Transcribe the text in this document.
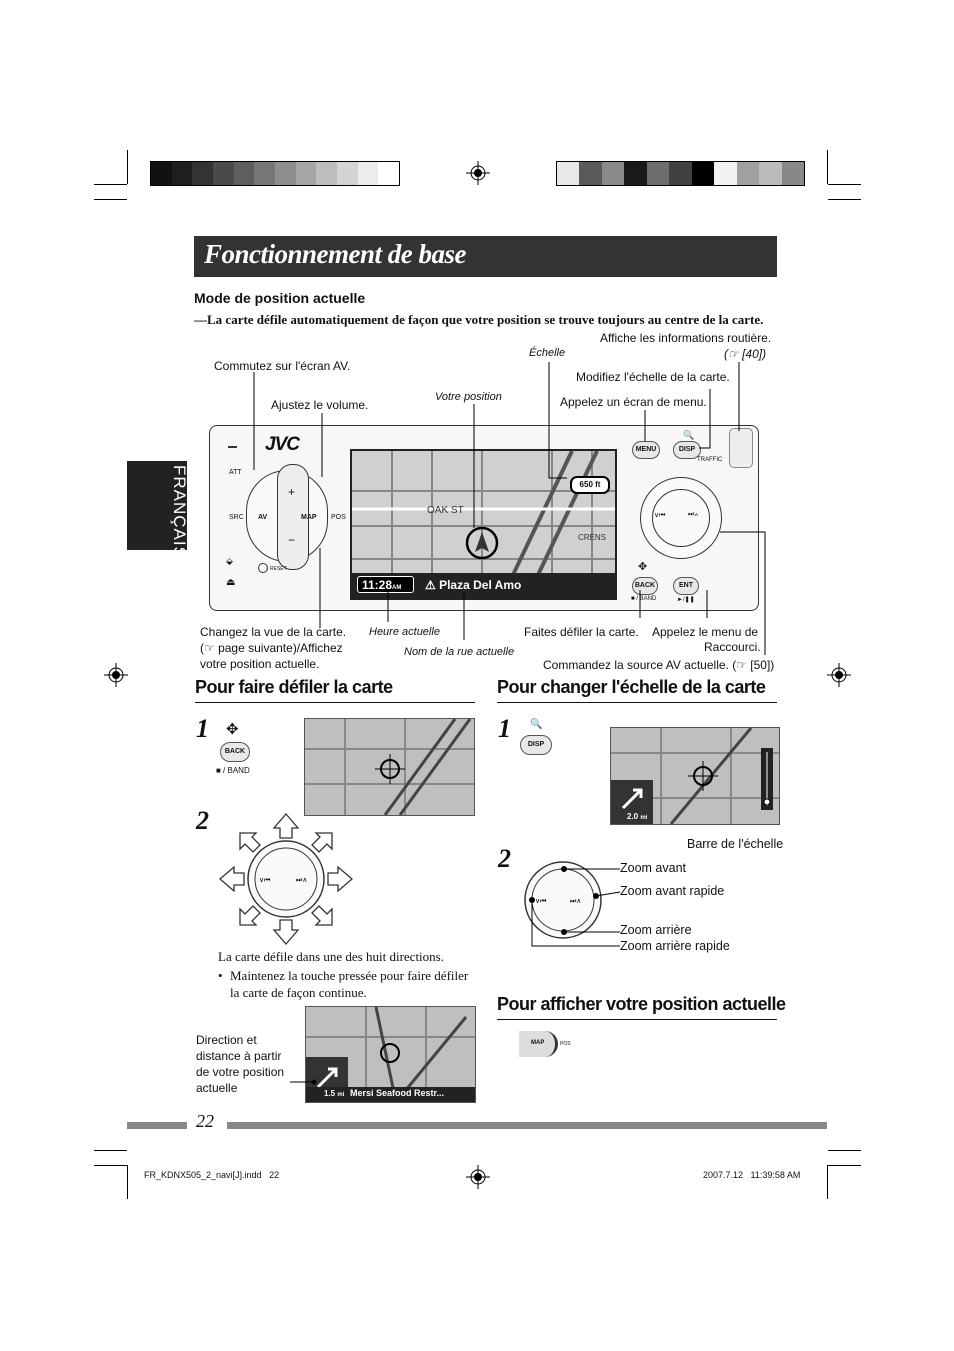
Fonctionnement de base
FRANÇAIS
Mode de position actuelle
—La carte défile automatiquement de façon que votre position se trouve toujours au centre de la carte.
Affiche les informations routière.
(☞ [40])
Échelle
Commutez sur l'écran AV.
Modifiez l'échelle de la carte.
Votre position
Ajustez le volume.	Appelez un écran de menu.
Changez la vue de la carte.
(☞ page suivante)/Affichez
votre position actuelle.
Heure actuelle
Nom de la rue actuelle
Faites défiler la carte. Appelez le menu de
Raccourci.
Commandez la source AV actuelle. (☞ [50])
OAK ST
CRENS
650 ft
11:28AM	⚠ Plaza Del Amo
JVC
ATT
SRC
+
−
AV	MAP POS
RESET
⏏
⬙
MENU	DISP
🔍
TRAFFIC
∨⏮	⏭∧
BACK	ENT
■ / BAND	►/❚❚
✥
Pour faire défiler la carte
1 ✥
BACK
■ / BAND
2
∨⏮	⏭∧
La carte défile dans une des huit directions.
• Maintenez la touche pressée pour faire défiler la carte de façon continue.
Pour changer l'échelle de la carte
1 🔍
DISP
2.0 mi
Barre de l'échelle
2
∨⏮	⏭∧
Zoom avant
Zoom avant rapide
Zoom arrière
Zoom arrière rapide
Pour afficher votre position actuelle
MAP	POS
Direction et distance à partir de votre position actuelle	1.5 mi Mersi Seafood Restr...
22
FR_KDNX505_2_navi[J].indd   22	2007.7.12   11:39:58 AM
